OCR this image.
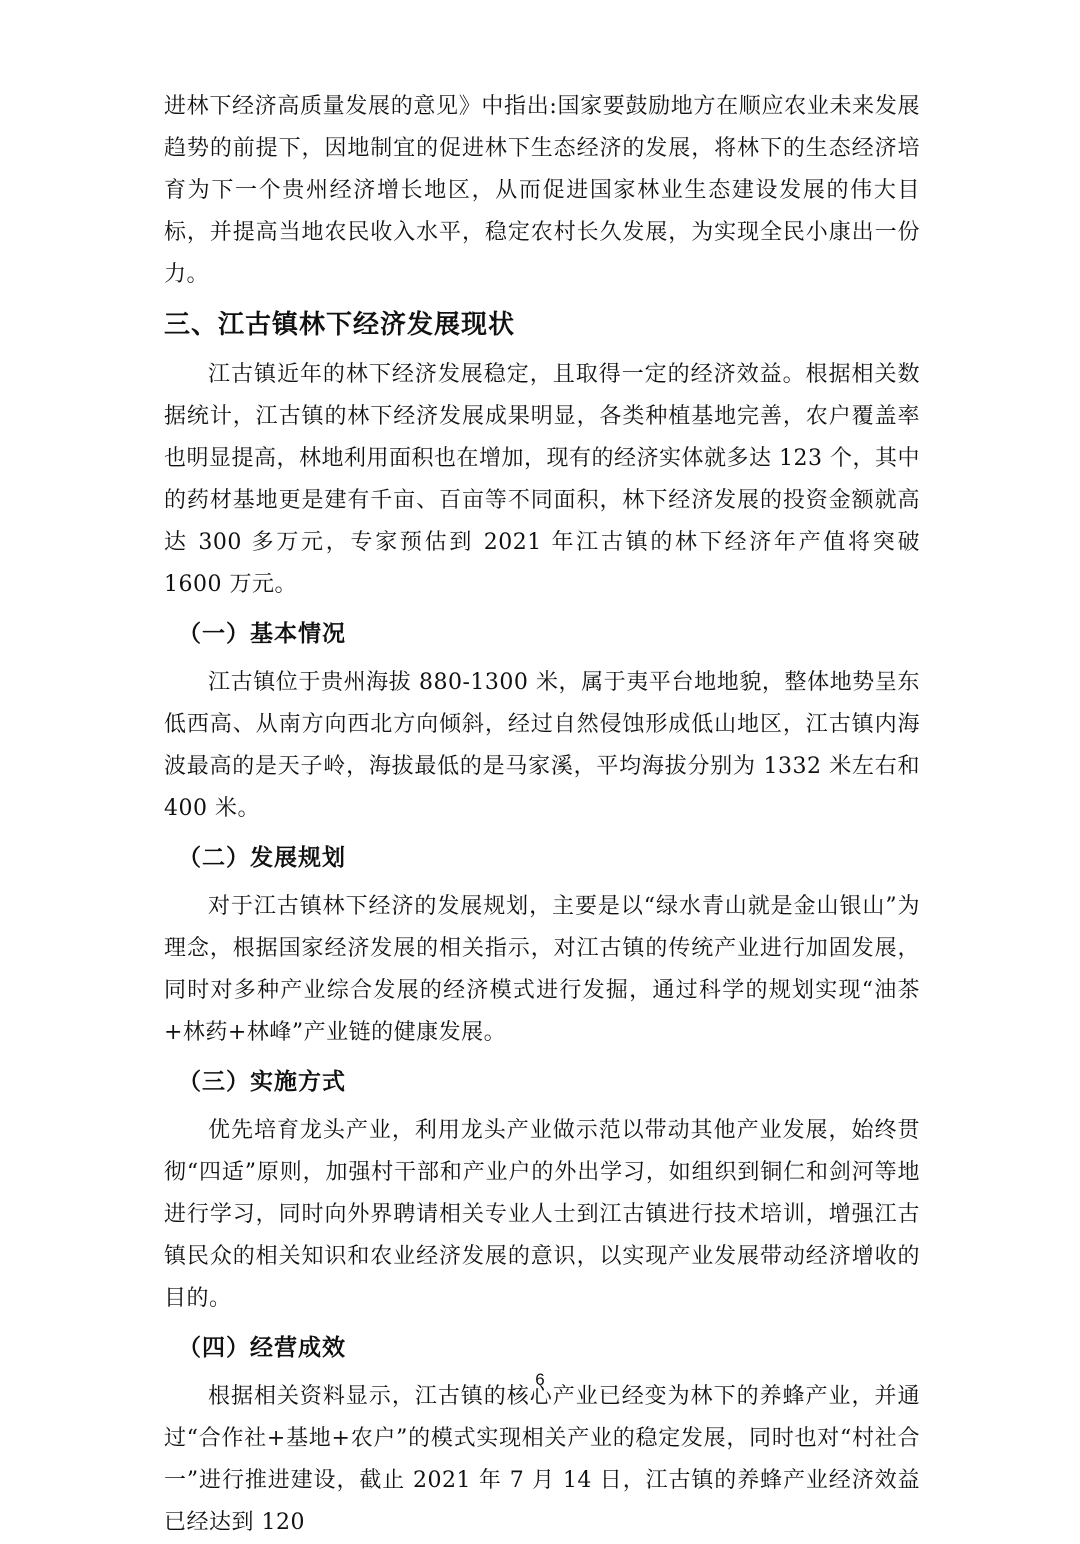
进林下经济高质量发展的意见》中指出:国家要鼓励地方在顺应农业未来发展趋势的前提下，因地制宜的促进林下生态经济的发展，将林下的生态经济培育为下一个贵州经济增长地区，从而促进国家林业生态建设发展的伟大目标，并提高当地农民收入水平，稳定农村长久发展，为实现全民小康出一份力。

三、江古镇林下经济发展现状

江古镇近年的林下经济发展稳定，且取得一定的经济效益。根据相关数据统计，江古镇的林下经济发展成果明显，各类种植基地完善，农户覆盖率也明显提高，林地利用面积也在增加，现有的经济实体就多达 123 个，其中的药材基地更是建有千亩、百亩等不同面积，林下经济发展的投资金额就高达 300 多万元，专家预估到 2021 年江古镇的林下经济年产值将突破 1600 万元。

（一）基本情况

江古镇位于贵州海拔 880-1300 米，属于夷平台地地貌，整体地势呈东低西高、从南方向西北方向倾斜，经过自然侵蚀形成低山地区，江古镇内海波最高的是天子岭，海拔最低的是马家溪，平均海拔分别为 1332 米左右和 400 米。

（二）发展规划

对于江古镇林下经济的发展规划，主要是以“绿水青山就是金山银山”为理念，根据国家经济发展的相关指示，对江古镇的传统产业进行加固发展，同时对多种产业综合发展的经济模式进行发掘，通过科学的规划实现“油茶+林药+林峰”产业链的健康发展。

（三）实施方式

优先培育龙头产业，利用龙头产业做示范以带动其他产业发展，始终贯彻“四适”原则，加强村干部和产业户的外出学习，如组织到铜仁和剑河等地进行学习，同时向外界聘请相关专业人士到江古镇进行技术培训，增强江古镇民众的相关知识和农业经济发展的意识，以实现产业发展带动经济增收的目的。

（四）经营成效

根据相关资料显示，江古镇的核心产业已经变为林下的养蜂产业，并通过“合作社+基地+农户”的模式实现相关产业的稳定发展，同时也对“村社合一”进行推进建设，截止 2021 年 7 月 14 日，江古镇的养蜂产业经济效益已经达到 120

6
